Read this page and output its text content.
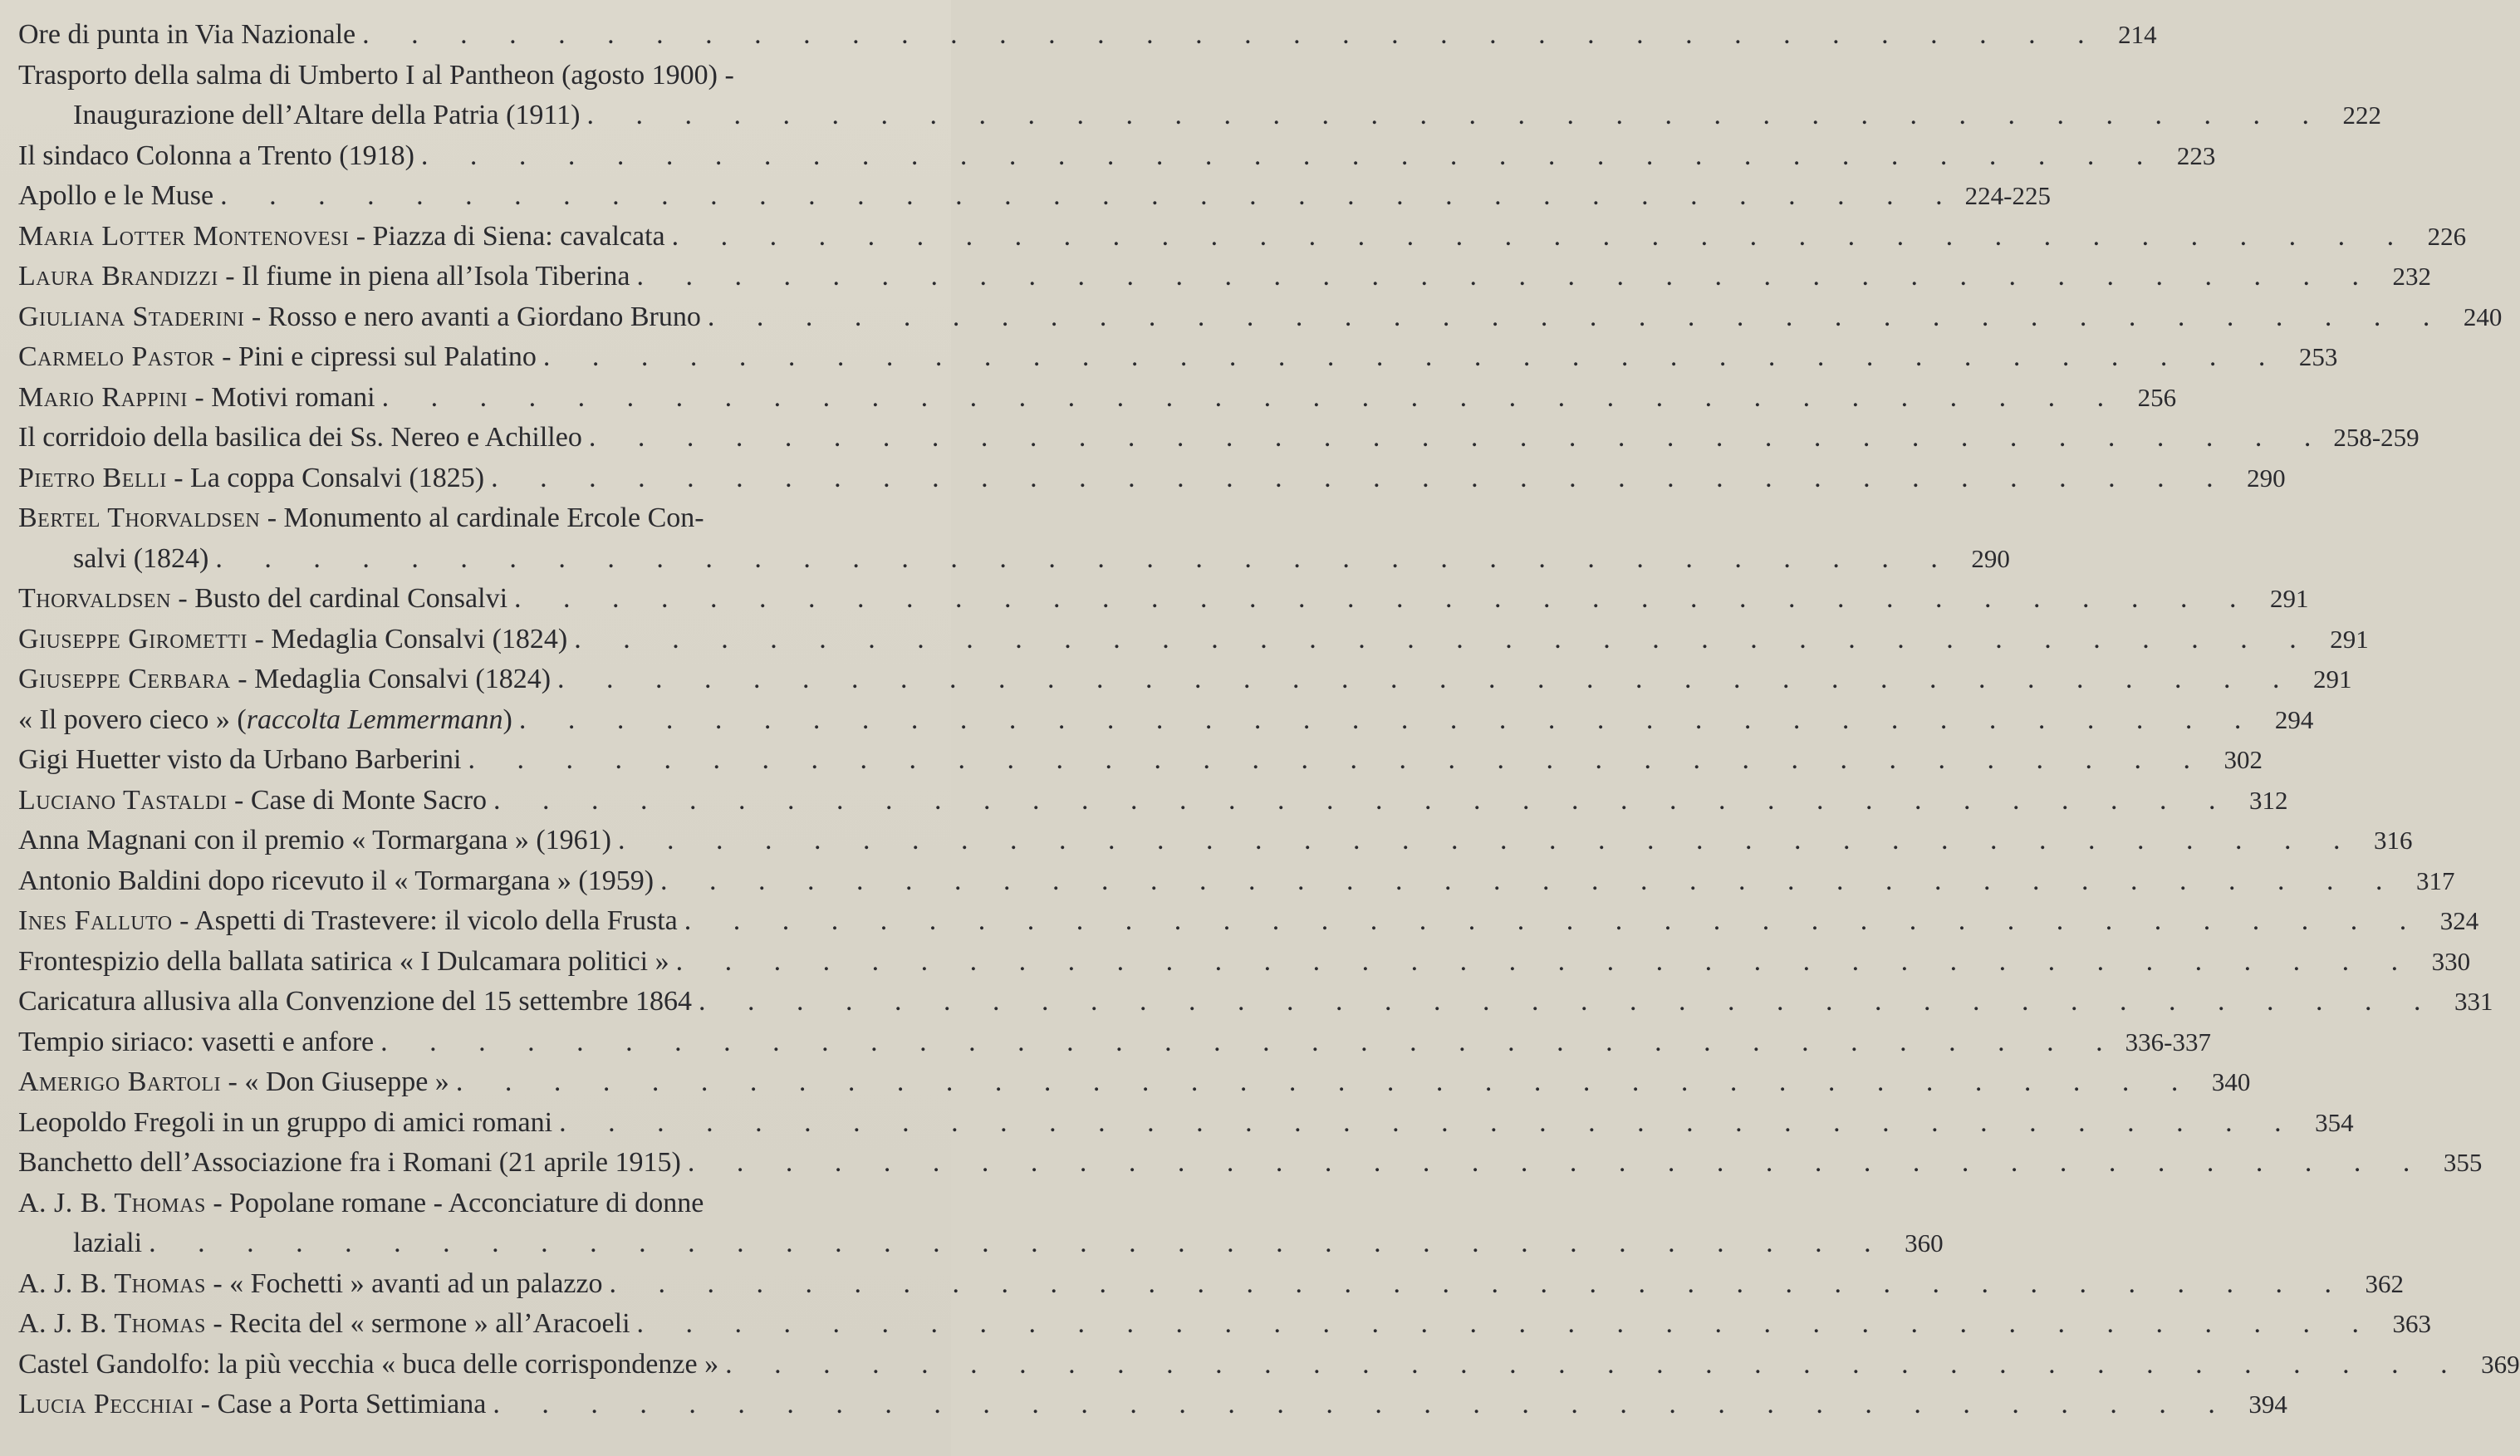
Ore di punta in Via Nazionale . . .	214
Trasporto della salma di Umberto I al Pantheon (agosto 1900) -
Inaugurazione dell’Altare della Patria (1911) . . .	222
Il sindaco Colonna a Trento (1918) . . .	223
Apollo e le Muse . . .	224-225
Maria Lotter Montenovesi - Piazza di Siena: cavalcata . . .	226
Laura Brandizzi - Il fiume in piena all’Isola Tiberina . . .	232
Giuliana Staderini - Rosso e nero avanti a Giordano Bruno . . .	240
Carmelo Pastor - Pini e cipressi sul Palatino . . .	253
Mario Rappini - Motivi romani . . .	256
Il corridoio della basilica dei Ss. Nereo e Achilleo . . .	258-259
Pietro Belli - La coppa Consalvi (1825) . . .	290
Bertel Thorvaldsen - Monumento al cardinale Ercole Con-
salvi (1824) . . .	290
Thorvaldsen - Busto del cardinal Consalvi . . .	291
Giuseppe Girometti - Medaglia Consalvi (1824) . . .	291
Giuseppe Cerbara - Medaglia Consalvi (1824) . . .	291
« Il povero cieco » (raccolta Lemmermann) . . .	294
Gigi Huetter visto da Urbano Barberini . . .	302
Luciano Tastaldi - Case di Monte Sacro . . .	312
Anna Magnani con il premio « Tormargana » (1961) . . .	316
Antonio Baldini dopo ricevuto il « Tormargana » (1959) . . .	317
Ines Falluto - Aspetti di Trastevere: il vicolo della Frusta . . .	324
Frontespizio della ballata satirica « I Dulcamara politici » . . .	330
Caricatura allusiva alla Convenzione del 15 settembre 1864 . . .	331
Tempio siriaco: vasetti e anfore . . .	336-337
Amerigo Bartoli - « Don Giuseppe » . . .	340
Leopoldo Fregoli in un gruppo di amici romani . . .	354
Banchetto dell’Associazione fra i Romani (21 aprile 1915) . . .	355
A. J. B. Thomas - Popolane romane - Acconciature di donne
laziali . . .	360
A. J. B. Thomas - « Fochetti » avanti ad un palazzo . . .	362
A. J. B. Thomas - Recita del « sermone » all’Aracoeli . . .	363
Castel Gandolfo: la più vecchia « buca delle corrispondenze » . . .	369
Lucia Pecchiai - Case a Porta Settimiana . . .	394
